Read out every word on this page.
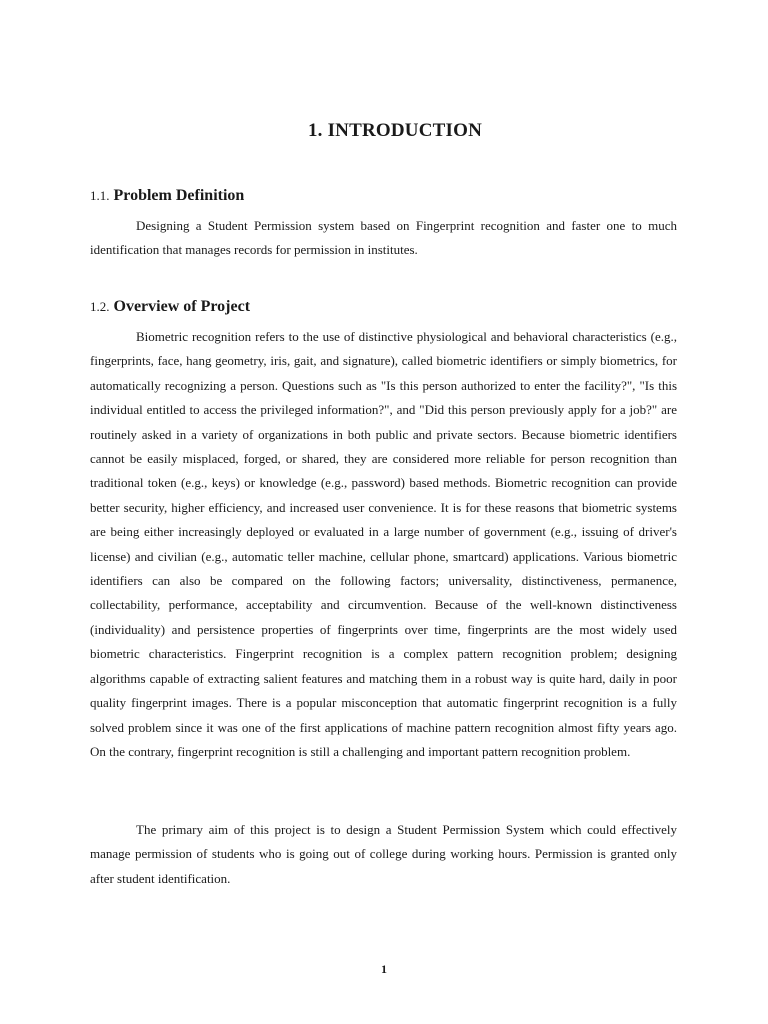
1. INTRODUCTION
1.1. Problem Definition

Designing a Student Permission system based on Fingerprint recognition and faster one to much identification that manages records for permission in institutes.

1.2. Overview of Project

Biometric recognition refers to the use of distinctive physiological and behavioral characteristics (e.g., fingerprints, face, hang geometry, iris, gait, and signature), called biometric identifiers or simply biometrics, for automatically recognizing a person. Questions such as "Is this person authorized to enter the facility?", "Is this individual entitled to access the privileged information?", and "Did this person previously apply for a job?" are routinely asked in a variety of organizations in both public and private sectors. Because biometric identifiers cannot be easily misplaced, forged, or shared, they are considered more reliable for person recognition than traditional token (e.g., keys) or knowledge (e.g., password) based methods. Biometric recognition can provide better security, higher efficiency, and increased user convenience. It is for these reasons that biometric systems are being either increasingly deployed or evaluated in a large number of government (e.g., issuing of driver's license) and civilian (e.g., automatic teller machine, cellular phone, smartcard) applications. Various biometric identifiers can also be compared on the following factors; universality, distinctiveness, permanence, collectability, performance, acceptability and circumvention. Because of the well-known distinctiveness (individuality) and persistence properties of fingerprints over time, fingerprints are the most widely used biometric characteristics. Fingerprint recognition is a complex pattern recognition problem; designing algorithms capable of extracting salient features and matching them in a robust way is quite hard, daily in poor quality fingerprint images. There is a popular misconception that automatic fingerprint recognition is a fully solved problem since it was one of the first applications of machine pattern recognition almost fifty years ago. On the contrary, fingerprint recognition is still a challenging and important pattern recognition problem.

The primary aim of this project is to design a Student Permission System which could effectively manage permission of students who is going out of college during working hours. Permission is granted only after student identification.

1
